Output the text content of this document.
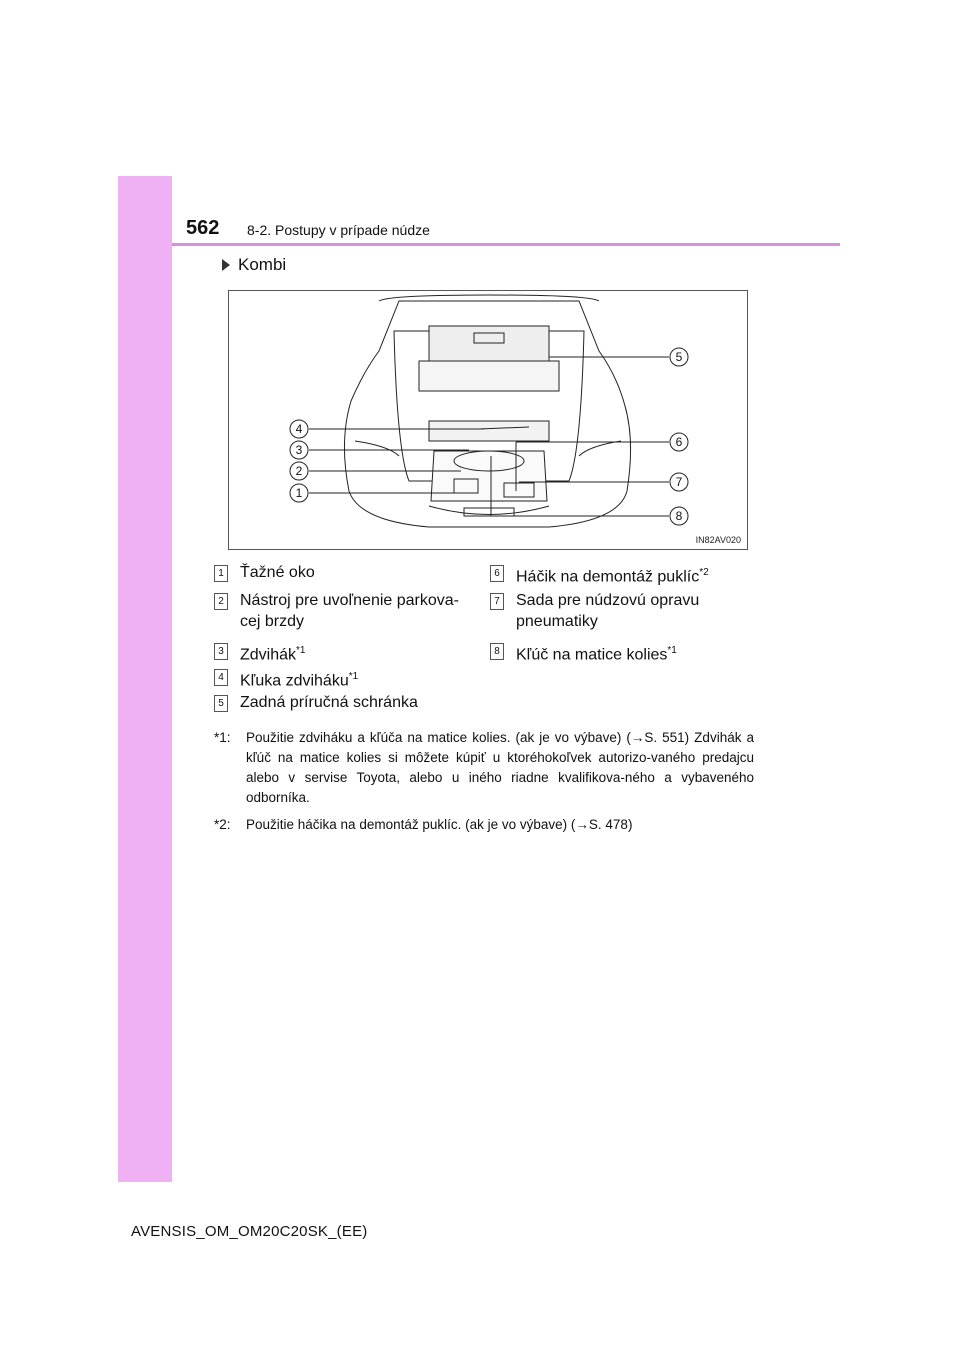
562 8-2. Postupy v prípade núdze
Kombi
1
2
3
4
5
6
7
8
IN82AV020
1 Ťažné oko
2 Nástroj pre uvoľnenie parkova-
cej brzdy
3 Zdvihák$^{*1}$
4 Kľuka zdviháku$^{*1}$
5 Zadná príručná schránka
6 Háčik na demontáž puklíc$^{*2}$
7 Sada pre núdzovú opravu
pneumatiky
8 Kľúč na matice kolies$^{*1}$
*1: Použitie zdviháku a kľúča na matice kolies. (ak je vo výbave) (→S. 551) Zdvihák a kľúč na matice kolies si môžete kúpiť u ktoréhokoľvek autorizo-vaného predajcu alebo v servise Toyota, alebo u iného riadne kvalifikova-ného a vybaveného odborníka.
*2: Použitie háčika na demontáž puklíc. (ak je vo výbave) (→S. 478)
AVENSIS_OM_OM20C20SK_(EE)
